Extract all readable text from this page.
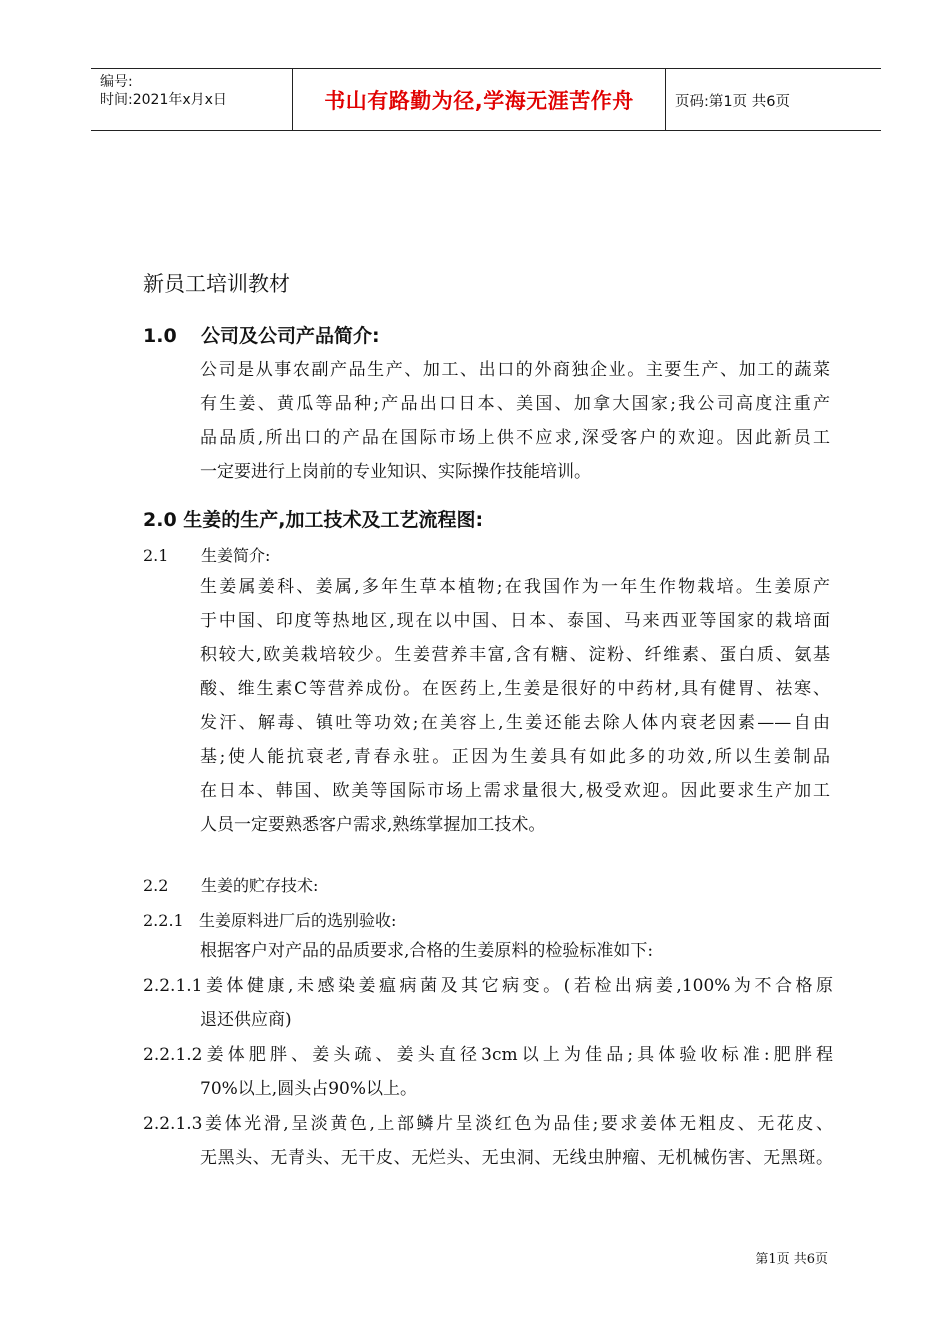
编号:
时间:2021年x月x日	书山有路勤为径,学海无涯苦作舟	页码:第1页 共6页
新员工培训教材
1.0 公司及公司产品简介:
公司是从事农副产品生产、加工、出口的外商独企业。主要生产、加工的蔬菜
有生姜、黄瓜等品种;产品出口日本、美国、加拿大国家;我公司高度注重产
品品质,所出口的产品在国际市场上供不应求,深受客户的欢迎。因此新员工
一定要进行上岗前的专业知识、实际操作技能培训。
2.0 生姜的生产,加工技术及工艺流程图:
2.1 生姜简介:
生姜属姜科、姜属,多年生草本植物;在我国作为一年生作物栽培。生姜原产
于中国、印度等热地区,现在以中国、日本、泰国、马来西亚等国家的栽培面
积较大,欧美栽培较少。生姜营养丰富,含有糖、淀粉、纤维素、蛋白质、氨基
酸、维生素C等营养成份。在医药上,生姜是很好的中药材,具有健胃、祛寒、
发汗、解毒、镇吐等功效;在美容上,生姜还能去除人体内衰老因素——自由
基;使人能抗衰老,青春永驻。正因为生姜具有如此多的功效,所以生姜制品
在日本、韩国、欧美等国际市场上需求量很大,极受欢迎。因此要求生产加工
人员一定要熟悉客户需求,熟练掌握加工技术。
2.2 生姜的贮存技术:
2.2.1 生姜原料进厂后的选别验收:
根据客户对产品的品质要求,合格的生姜原料的检验标准如下:
2.2.1.1姜体健康,未感染姜瘟病菌及其它病变。(若检出病姜,100%为不合格原
退还供应商)
2.2.1.2姜体肥胖、姜头疏、姜头直径3cm以上为佳品;具体验收标准:肥胖程
70%以上,圆头占90%以上。
2.2.1.3姜体光滑,呈淡黄色,上部鳞片呈淡红色为品佳;要求姜体无粗皮、无花皮、
无黑头、无青头、无干皮、无烂头、无虫洞、无线虫肿瘤、无机械伤害、无黑斑。
第1页 共6页
